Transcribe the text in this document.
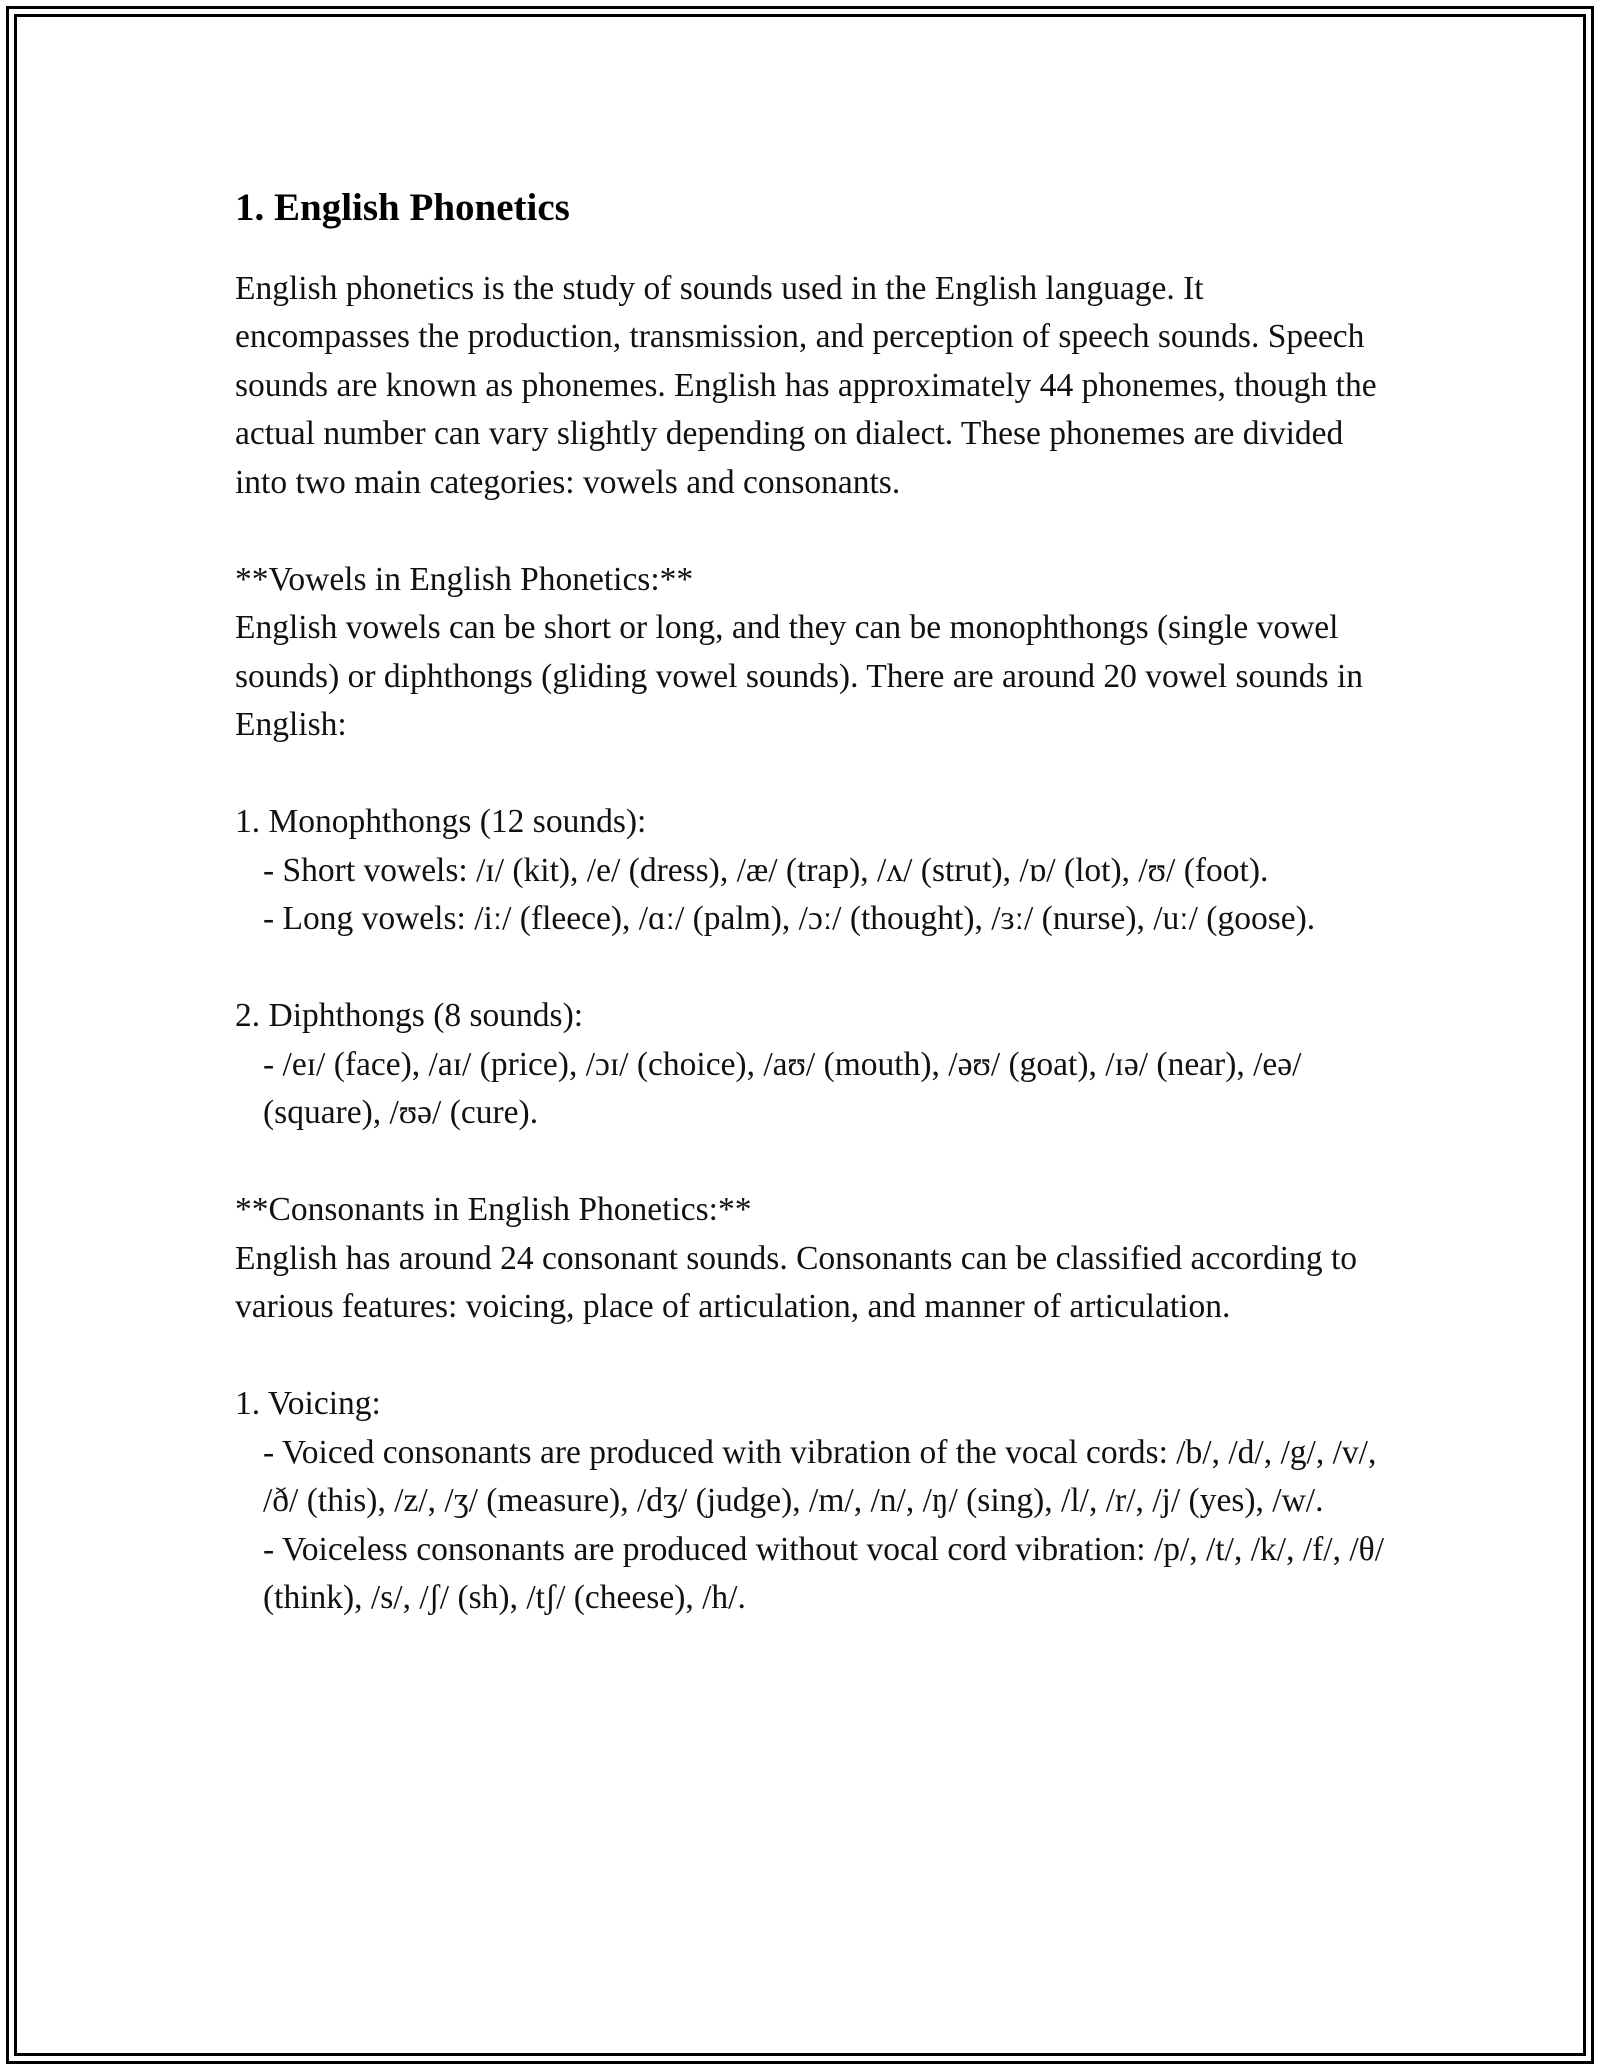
1. English Phonetics

English phonetics is the study of sounds used in the English language. It encompasses the production, transmission, and perception of speech sounds. Speech sounds are known as phonemes. English has approximately 44 phonemes, though the actual number can vary slightly depending on dialect. These phonemes are divided into two main categories: vowels and consonants.

**Vowels in English Phonetics:**

English vowels can be short or long, and they can be monophthongs (single vowel sounds) or diphthongs (gliding vowel sounds). There are around 20 vowel sounds in English:

1. Monophthongs (12 sounds):

- Short vowels: /ɪ/ (kit), /e/ (dress), /æ/ (trap), /ʌ/ (strut), /ɒ/ (lot), /ʊ/ (foot).

- Long vowels: /iː/ (fleece), /ɑː/ (palm), /ɔː/ (thought), /ɜː/ (nurse), /uː/ (goose).

2. Diphthongs (8 sounds):

- /eɪ/ (face), /aɪ/ (price), /ɔɪ/ (choice), /aʊ/ (mouth), /əʊ/ (goat), /ɪə/ (near), /eə/ (square), /ʊə/ (cure).

**Consonants in English Phonetics:**

English has around 24 consonant sounds. Consonants can be classified according to various features: voicing, place of articulation, and manner of articulation.

1. Voicing:

- Voiced consonants are produced with vibration of the vocal cords: /b/, /d/, /g/, /v/, /ð/ (this), /z/, /ʒ/ (measure), /dʒ/ (judge), /m/, /n/, /ŋ/ (sing), /l/, /r/, /j/ (yes), /w/.

- Voiceless consonants are produced without vocal cord vibration: /p/, /t/, /k/, /f/, /θ/ (think), /s/, /ʃ/ (sh), /tʃ/ (cheese), /h/.
